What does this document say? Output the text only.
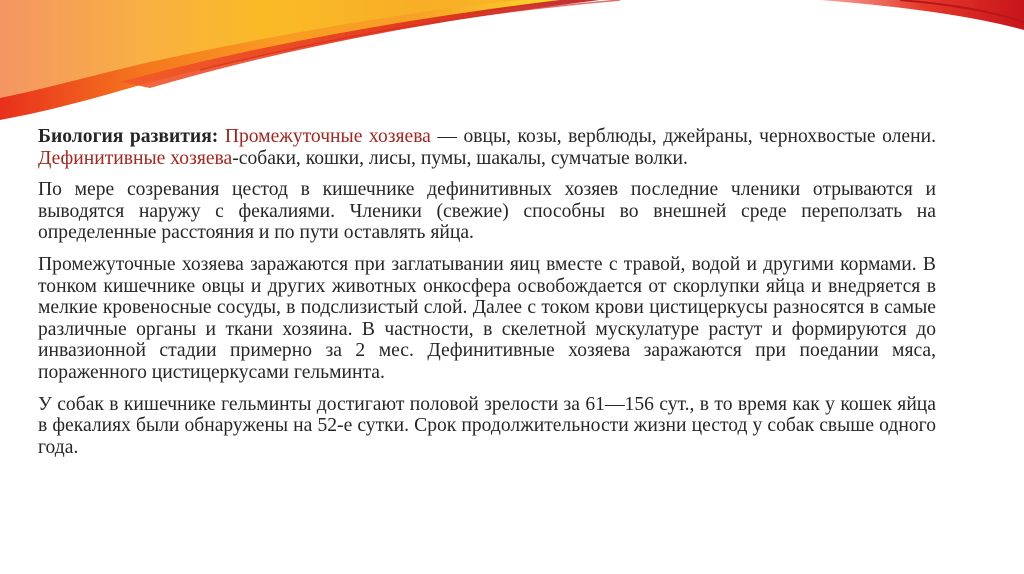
Биология развития: Промежуточные хозяева — овцы, козы, верблюды, джейраны, чернохвостые олени. Дефинитивные хозяева-собаки, кошки, лисы, пумы, шакалы, сумчатые волки.

По мере созревания цестод в кишечнике дефинитивных хозяев последние членики отрываются и выводятся наружу с фекалиями. Членики (свежие) способны во внешней среде переползать на определенные расстояния и по пути оставлять яйца.

Промежуточные хозяева заражаются при заглатывании яиц вместе с травой, водой и другими кормами. В тонком кишечнике овцы и других животных онкосфера освобождается от скорлупки яйца и внедряется в мелкие кровеносные сосуды, в подслизистый слой. Далее с током крови цистицеркусы разносятся в самые различные органы и ткани хозяина. В частности, в скелетной мускулатуре растут и формируются до инвазионной стадии примерно за 2 мес. Дефинитивные хозяева заражаются при поедании мяса, пораженного цистицеркусами гельминта.

У собак в кишечнике гельминты достигают половой зрелости за 61—156 сут., в то время как у кошек яйца в фекалиях были обнаружены на 52-е сутки. Срок продолжительности жизни цестод у собак свыше одного года.
